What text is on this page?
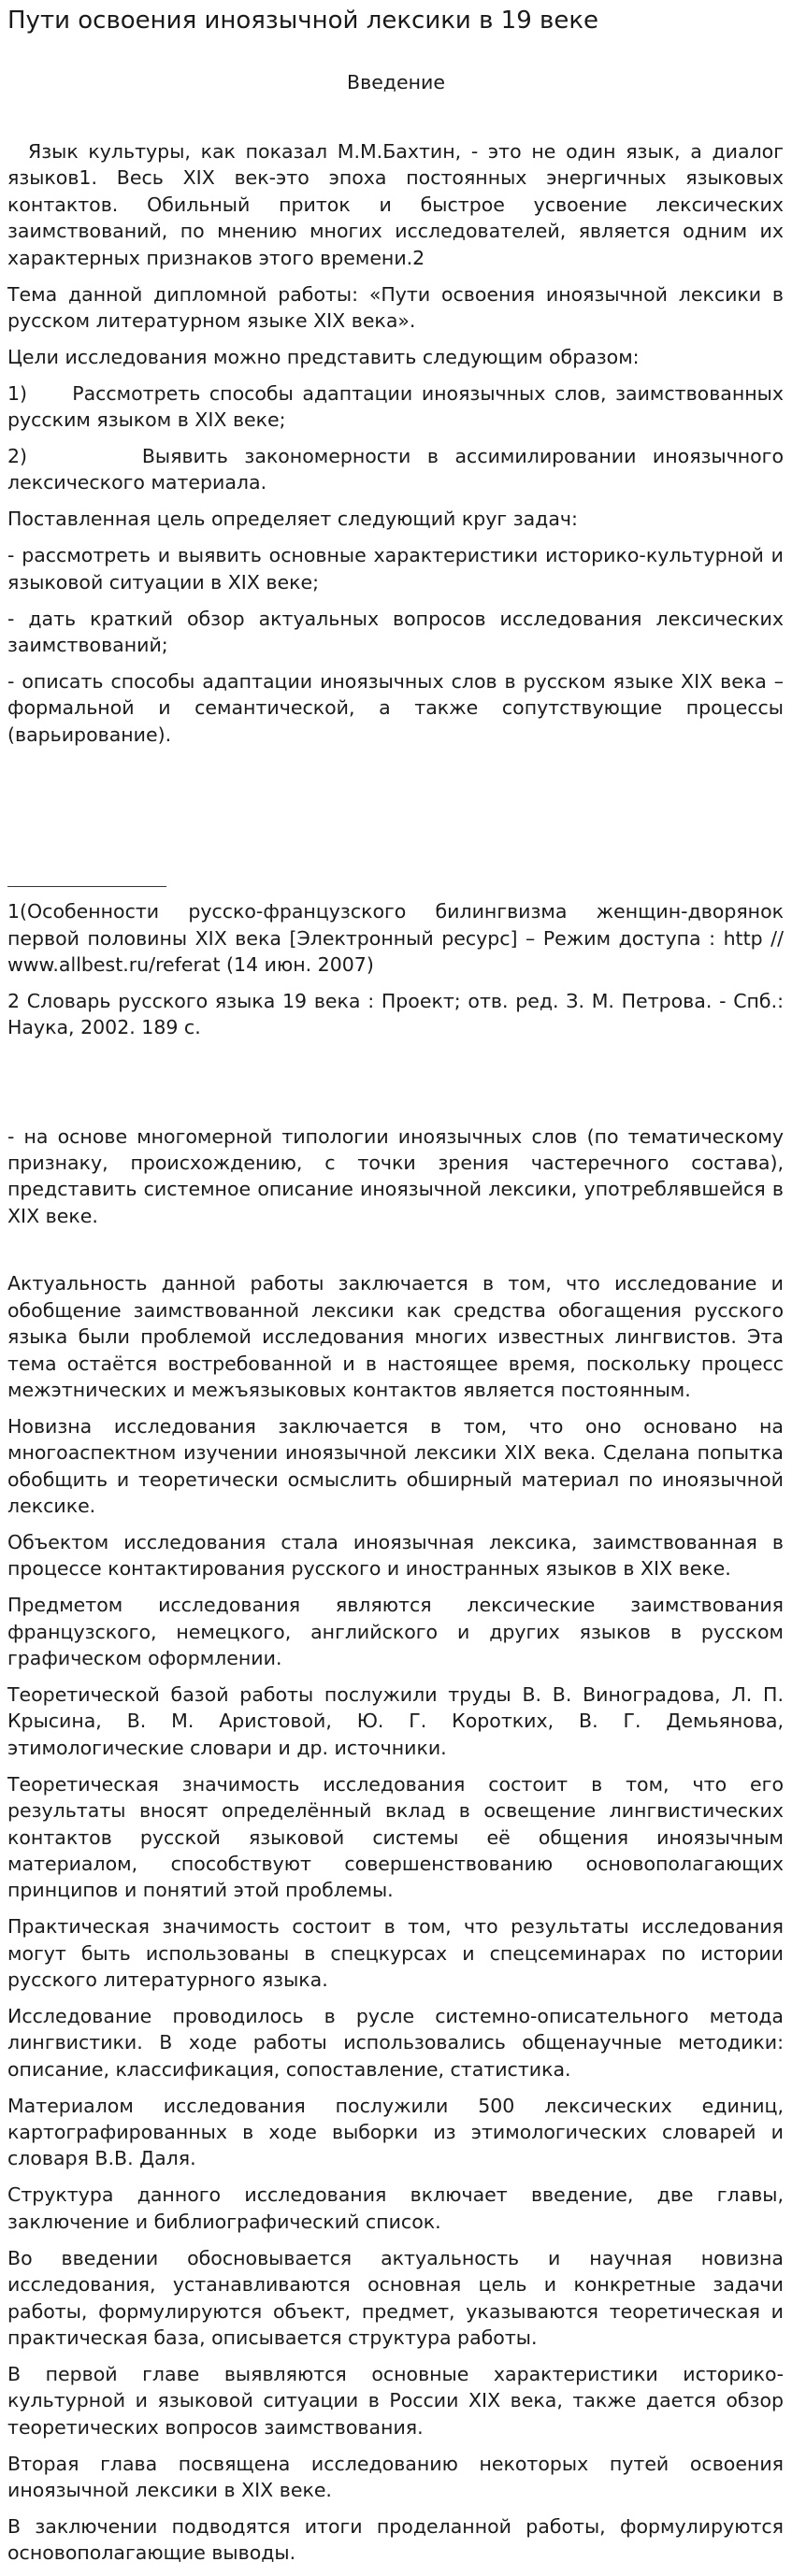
Пути освоения иноязычной лексики в 19 веке
Введение

Язык культуры, как показал М.М.Бахтин, - это не один язык, а диалог языков1. Весь XIX век-это эпоха постоянных энергичных языковых контактов. Обильный приток и быстрое усвоение лексических заимствований, по мнению многих исследователей, является одним их характерных признаков этого времени.2

Тема данной дипломной работы: «Пути освоения иноязычной лексики в русском литературном языке XIX века».

Цели исследования можно представить следующим образом:

1)     Рассмотреть способы адаптации иноязычных слов, заимствованных русским языком в XIX веке;

2)       Выявить закономерности в ассимилировании иноязычного лексического материала.

Поставленная цель определяет следующий круг задач:

- рассмотреть и выявить основные характеристики историко-культурной и языковой ситуации в XIX веке;

- дать краткий обзор актуальных вопросов исследования лексических заимствований;

- описать способы адаптации иноязычных слов в русском языке XIX века – формальной и семантической, а также сопутствующие процессы (варьирование).

1(Особенности русско-французского билингвизма женщин-дворянок первой половины XIX века [Электронный ресурс] – Режим доступа : http // www.allbest.ru/referat (14 июн. 2007)

2 Словарь русского языка 19 века : Проект; отв. ред. З. М. Петрова. - Спб.: Наука, 2002. 189 с.

- на основе многомерной типологии иноязычных слов (по тематическому признаку, происхождению, с точки зрения частеречного состава), представить системное описание иноязычной лексики, употреблявшейся в XIX веке.

Актуальность данной работы заключается в том, что исследование и обобщение заимствованной лексики как средства обогащения русского языка были проблемой исследования многих известных лингвистов. Эта тема остаётся востребованной и в настоящее время, поскольку процесс межэтнических и межъязыковых контактов является постоянным.

Новизна исследования заключается в том, что оно основано на многоаспектном изучении иноязычной лексики XIX века. Сделана попытка обобщить и теоретически осмыслить обширный материал по иноязычной лексике.

Объектом исследования стала иноязычная лексика, заимствованная в процессе контактирования русского и иностранных языков в XIX веке.

Предметом исследования являются лексические заимствования французского, немецкого, английского и других языков в русском графическом оформлении.

Теоретической базой работы послужили труды В. В. Виноградова, Л. П. Крысина, В. М. Аристовой, Ю. Г. Коротких, В. Г. Демьянова, этимологические словари и др. источники.

Теоретическая значимость исследования состоит в том, что его результаты вносят определённый вклад в освещение лингвистических контактов русской языковой системы её общения иноязычным материалом, способствуют совершенствованию основополагающих принципов и понятий этой проблемы.

Практическая значимость состоит в том, что результаты исследования могут быть использованы в спецкурсах и спецсеминарах по истории русского литературного языка.

Исследование проводилось в русле системно-описательного метода лингвистики. В ходе работы использовались общенаучные методики: описание, классификация, сопоставление, статистика.

Материалом исследования послужили 500 лексических единиц, картографированных в ходе выборки из этимологических словарей и словаря В.В. Даля.

Структура данного исследования включает введение, две главы, заключение и библиографический список.

Во введении обосновывается актуальность и научная новизна исследования, устанавливаются основная цель и конкретные задачи работы, формулируются объект, предмет, указываются теоретическая и практическая база, описывается структура работы.

В первой главе выявляются основные характеристики историко-культурной и языковой ситуации в России XIX века, также дается обзор теоретических вопросов заимствования.

Вторая глава посвящена исследованию некоторых путей освоения иноязычной лексики в XIX веке.

В заключении подводятся итоги проделанной работы, формулируются основополагающие выводы.
